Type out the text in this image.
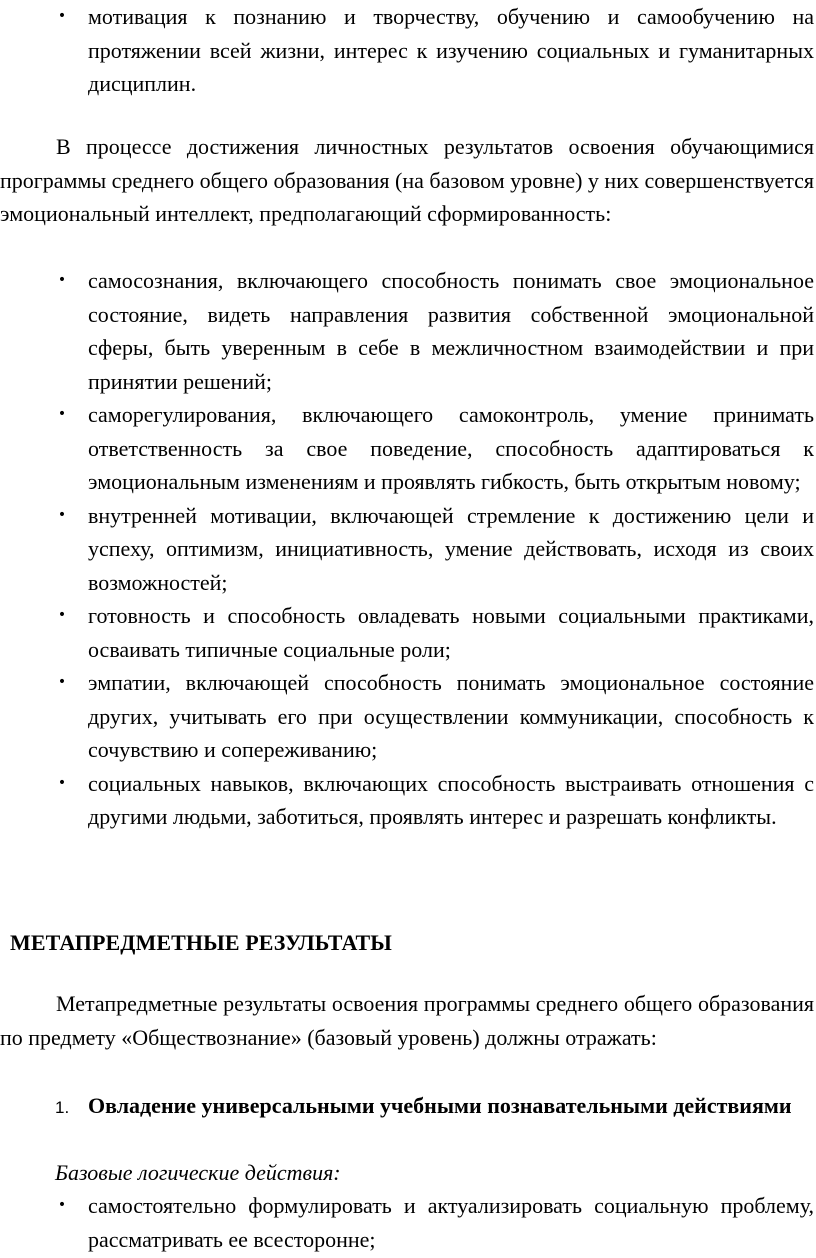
• мотивация к познанию и творчеству, обучению и самообучению на протяжении всей жизни, интерес к изучению социальных и гуманитарных дисциплин.
В процессе достижения личностных результатов освоения обучающимися программы среднего общего образования (на базовом уровне) у них совершенствуется эмоциональный интеллект, предполагающий сформированность:
• самосознания, включающего способность понимать свое эмоциональное состояние, видеть направления развития собственной эмоциональной сферы, быть уверенным в себе в межличностном взаимодействии и при принятии решений;
• саморегулирования, включающего самоконтроль, умение принимать ответственность за свое поведение, способность адаптироваться к эмоциональным изменениям и проявлять гибкость, быть открытым новому;
• внутренней мотивации, включающей стремление к достижению цели и успеху, оптимизм, инициативность, умение действовать, исходя из своих возможностей;
• готовность и способность овладевать новыми социальными практиками, осваивать типичные социальные роли;
• эмпатии, включающей способность понимать эмоциональное состояние других, учитывать его при осуществлении коммуникации, способность к сочувствию и сопереживанию;
• социальных навыков, включающих способность выстраивать отношения с другими людьми, заботиться, проявлять интерес и разрешать конфликты.
МЕТАПРЕДМЕТНЫЕ РЕЗУЛЬТАТЫ
Метапредметные результаты освоения программы среднего общего образования по предмету «Обществознание» (базовый уровень) должны отражать:
1. Овладение универсальными учебными познавательными действиями
Базовые логические действия:
• самостоятельно формулировать и актуализировать социальную проблему, рассматривать ее всесторонне;
